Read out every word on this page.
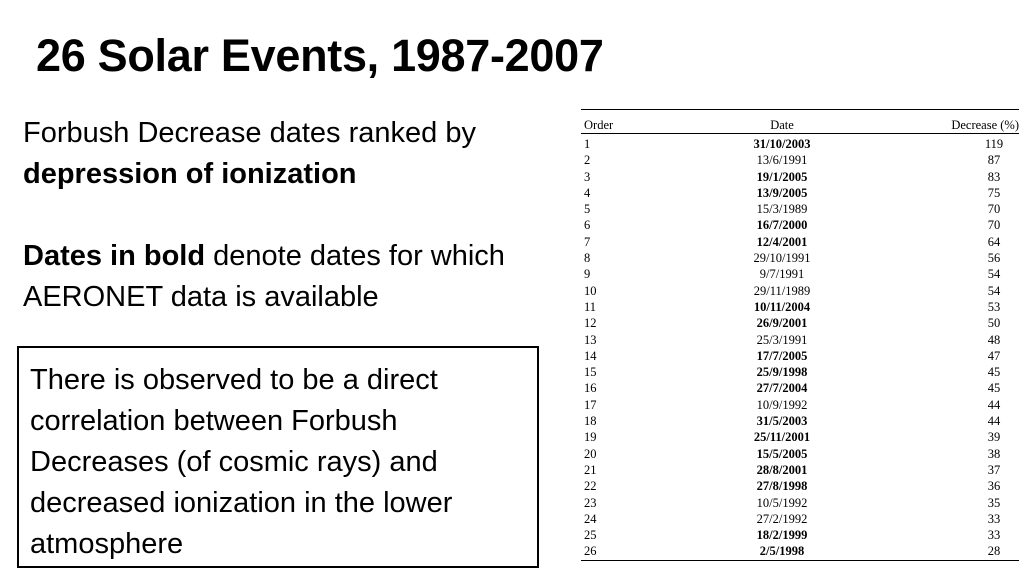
26 Solar Events, 1987-2007

Forbush Decrease dates ranked by depression of ionization

Dates in bold denote dates for which AERONET data is available

There is observed to be a direct correlation between Forbush Decreases (of cosmic rays) and decreased ionization in the lower atmosphere
Order	Date	Decrease (%)
1	31/10/2003	119
2	13/6/1991	87
3	19/1/2005	83
4	13/9/2005	75
5	15/3/1989	70
6	16/7/2000	70
7	12/4/2001	64
8	29/10/1991	56
9	9/7/1991	54
10	29/11/1989	54
11	10/11/2004	53
12	26/9/2001	50
13	25/3/1991	48
14	17/7/2005	47
15	25/9/1998	45
16	27/7/2004	45
17	10/9/1992	44
18	31/5/2003	44
19	25/11/2001	39
20	15/5/2005	38
21	28/8/2001	37
22	27/8/1998	36
23	10/5/1992	35
24	27/2/1992	33
25	18/2/1999	33
26	2/5/1998	28
